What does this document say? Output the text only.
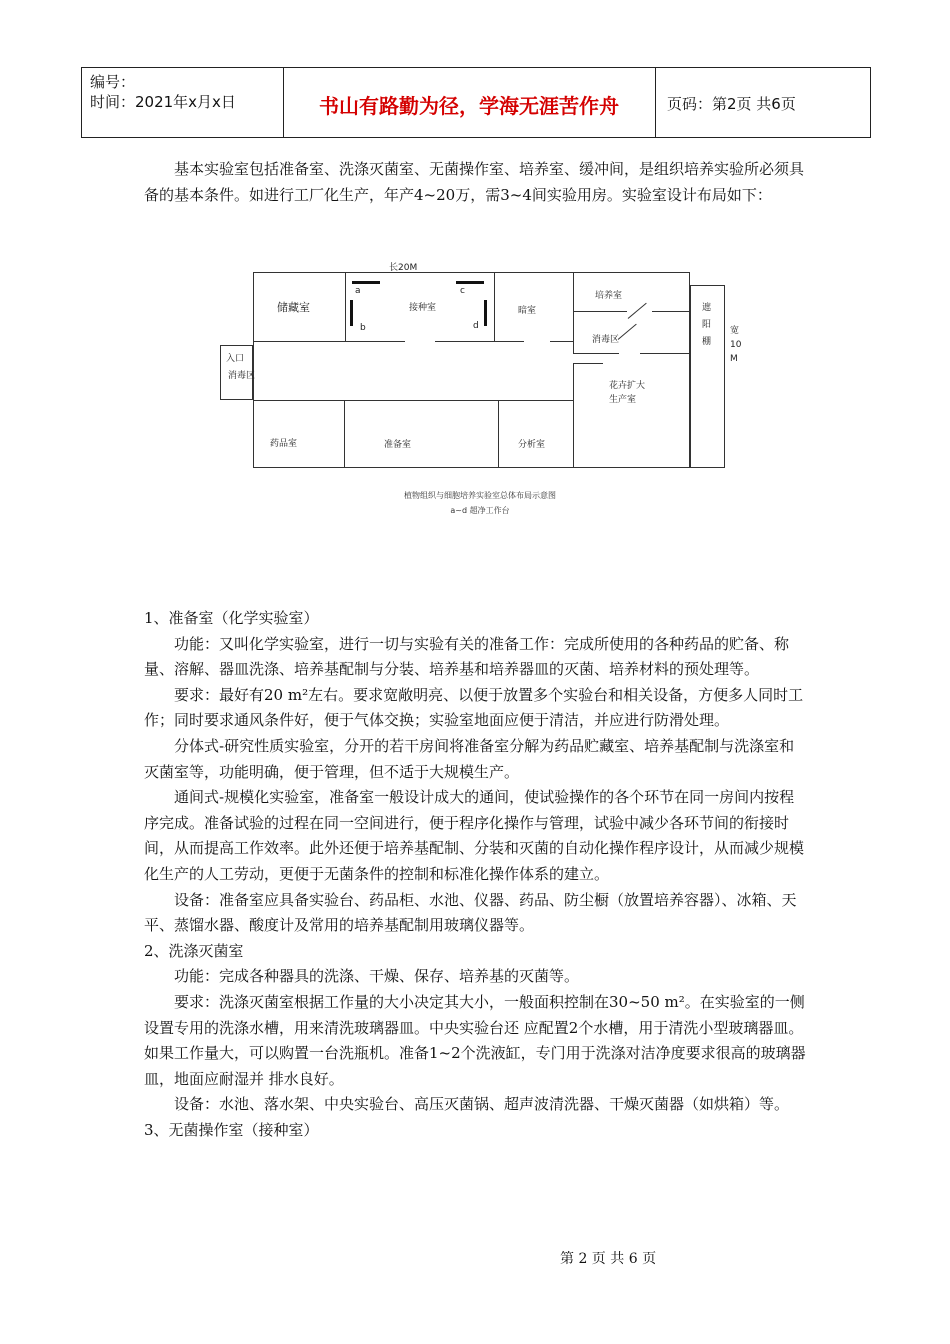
编号：
时间：2021年x月x日	书山有路勤为径，学海无涯苦作舟	页码：第2页 共6页

基本实验室包括准备室、洗涤灭菌室、无菌操作室、培养室、缓冲间，是组织培养实验所必须具备的基本条件。如进行工厂化生产，年产4~20万，需3~4间实验用房。实验室设计布局如下：

长20M
宽
10
M
a
b
c
d
储藏室	接种室	暗室
培养室
消毒区
遮
阳
棚
入口
消毒区
花卉扩大
生产室
药品室	准备室	分析室
植物组织与细胞培养实验室总体布局示意图
a~d 超净工作台

1、准备室（化学实验室）

功能：又叫化学实验室，进行一切与实验有关的准备工作：完成所使用的各种药品的贮备、称量、溶解、器皿洗涤、培养基配制与分装、培养基和培养器皿的灭菌、培养材料的预处理等。

要求：最好有20 m²左右。要求宽敞明亮、以便于放置多个实验台和相关设备，方便多人同时工作；同时要求通风条件好，便于气体交换；实验室地面应便于清洁，并应进行防滑处理。

分体式-研究性质实验室，分开的若干房间将准备室分解为药品贮藏室、培养基配制与洗涤室和灭菌室等，功能明确，便于管理，但不适于大规模生产。

通间式-规模化实验室，准备室一般设计成大的通间，使试验操作的各个环节在同一房间内按程序完成。准备试验的过程在同一空间进行，便于程序化操作与管理，试验中减少各环节间的衔接时间，从而提高工作效率。此外还便于培养基配制、分装和灭菌的自动化操作程序设计，从而减少规模化生产的人工劳动，更便于无菌条件的控制和标准化操作体系的建立。

设备：准备室应具备实验台、药品柜、水池、仪器、药品、防尘橱（放置培养容器）、冰箱、天平、蒸馏水器、酸度计及常用的培养基配制用玻璃仪器等。

2、洗涤灭菌室

功能：完成各种器具的洗涤、干燥、保存、培养基的灭菌等。

要求：洗涤灭菌室根据工作量的大小决定其大小，一般面积控制在30~50 m²。在实验室的一侧设置专用的洗涤水槽，用来清洗玻璃器皿。中央实验台还 应配置2个水槽，用于清洗小型玻璃器皿。如果工作量大，可以购置一台洗瓶机。准备1~2个洗液缸，专门用于洗涤对洁净度要求很高的玻璃器皿，地面应耐湿并 排水良好。

设备：水池、落水架、中央实验台、高压灭菌锅、超声波清洗器、干燥灭菌器（如烘箱）等。

3、无菌操作室（接种室）

第 2 页 共 6 页
